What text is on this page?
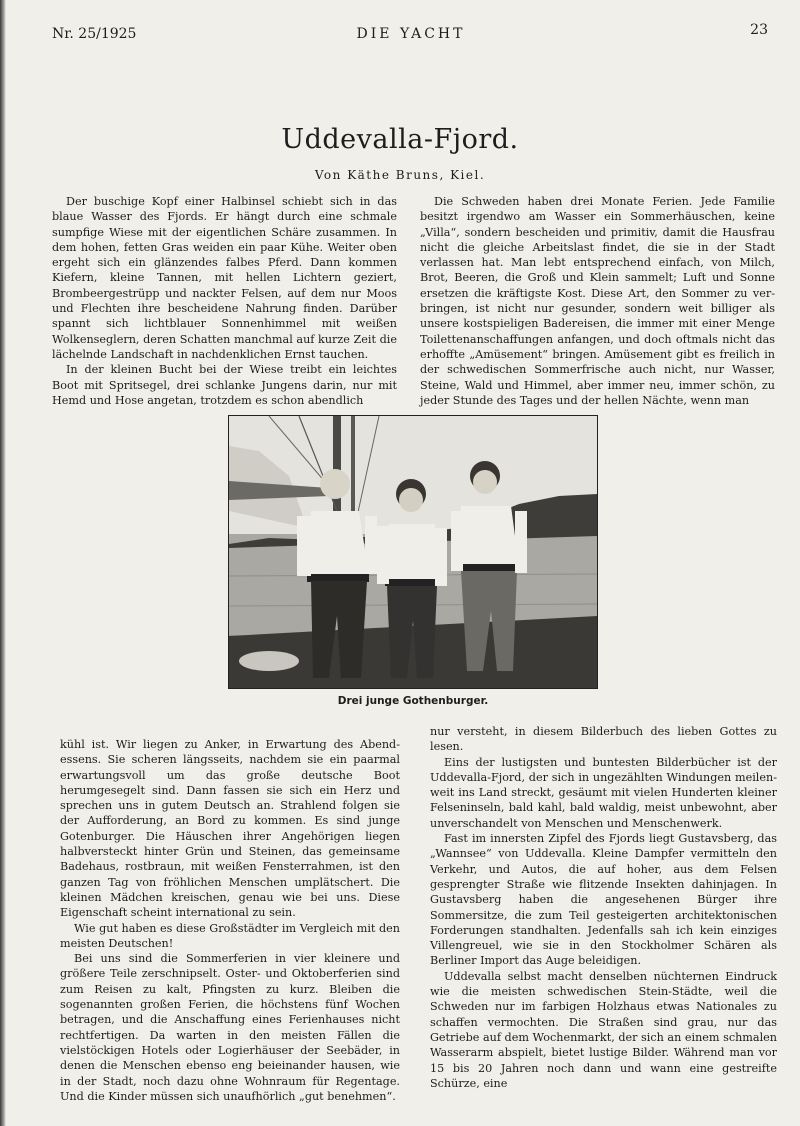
Nr. 25/1925	DIE YACHT	23
Uddevalla-Fjord.
Von Käthe Bruns, Kiel.

Der buschige Kopf einer Halbinsel schiebt sich in das blaue Wasser des Fjords. Er hängt durch eine schmale sumpfige Wiese mit der eigentlichen Schäre zusammen. In dem hohen, fetten Gras weiden ein paar Kühe. Weiter oben ergeht sich ein glänzendes falbes Pferd. Dann kommen Kiefern, kleine Tannen, mit hellen Lichtern geziert, Brombeergestrüpp und nackter Felsen, auf dem nur Moos und Flechten ihre bescheidene Nahrung finden. Darüber spannt sich lichtblauer Sonnenhimmel mit weißen Wolkenseglern, deren Schatten manchmal auf kurze Zeit die lächelnde Landschaft in nachdenklichen Ernst tauchen.

In der kleinen Bucht bei der Wiese treibt ein leichtes Boot mit Spritsegel, drei schlanke Jungens darin, nur mit Hemd und Hose angetan, trotzdem es schon abendlich

Die Schweden haben drei Monate Ferien. Jede Familie besitzt irgendwo am Wasser ein Sommerhäuschen, keine „Villa“, sondern bescheiden und primitiv, damit die Hausfrau nicht die gleiche Arbeitslast findet, die sie in der Stadt verlassen hat. Man lebt entsprechend einfach, von Milch, Brot, Beeren, die Groß und Klein sammelt; Luft und Sonne ersetzen die kräftigste Kost. Diese Art, den Sommer zu verbringen, ist nicht nur gesunder, sondern weit billiger als unsere kostspieligen Badereisen, die immer mit einer Menge Toilettenanschaffungen anfangen, und doch oftmals nicht das erhoffte „Amüsement“ bringen. Amüsement gibt es freilich in der schwedischen Sommerfrische auch nicht, nur Wasser, Steine, Wald und Himmel, aber immer neu, immer schön, zu jeder Stunde des Tages und der hellen Nächte, wenn man

Drei junge Gothenburger.

kühl ist. Wir liegen zu Anker, in Erwartung des Abendessens. Sie scheren längsseits, nachdem sie ein paarmal erwartungsvoll um das große deutsche Boot herumgesegelt sind. Dann fassen sie sich ein Herz und sprechen uns in gutem Deutsch an. Strahlend folgen sie der Aufforderung, an Bord zu kommen. Es sind junge Gotenburger. Die Häuschen ihrer Angehörigen liegen halbversteckt hinter Grün und Steinen, das gemeinsame Badehaus, rostbraun, mit weißen Fensterrahmen, ist den ganzen Tag von fröhlichen Menschen umplätschert. Die kleinen Mädchen kreischen, genau wie bei uns. Diese Eigenschaft scheint international zu sein.

Wie gut haben es diese Großstädter im Vergleich mit den meisten Deutschen!

Bei uns sind die Sommerferien in vier kleinere und größere Teile zerschnipselt. Oster- und Oktoberferien sind zum Reisen zu kalt, Pfingsten zu kurz. Bleiben die sogenannten großen Ferien, die höchstens fünf Wochen betragen, und die Anschaffung eines Ferienhauses nicht rechtfertigen. Da warten in den meisten Fällen die vielstöckigen Hotels oder Logierhäuser der Seebäder, in denen die Menschen ebenso eng beieinander hausen, wie in der Stadt, noch dazu ohne Wohnraum für Regentage. Und die Kinder müssen sich unaufhörlich „gut benehmen“.

nur versteht, in diesem Bilderbuch des lieben Gottes zu lesen.

Eins der lustigsten und buntesten Bilderbücher ist der Uddevalla-Fjord, der sich in ungezählten Windungen meilenweit ins Land streckt, gesäumt mit vielen Hunderten kleiner Felseninseln, bald kahl, bald waldig, meist unbewohnt, aber unverschandelt von Menschen und Menschenwerk.

Fast im innersten Zipfel des Fjords liegt Gustavsberg, das „Wannsee“ von Uddevalla. Kleine Dampfer vermitteln den Verkehr, und Autos, die auf hoher, aus dem Felsen gesprengter Straße wie flitzende Insekten dahinjagen. In Gustavsberg haben die angesehenen Bürger ihre Sommersitze, die zum Teil gesteigerten architektonischen Forderungen standhalten. Jedenfalls sah ich kein einziges Villengreuel, wie sie in den Stockholmer Schären als Berliner Import das Auge beleidigen.

Uddevalla selbst macht denselben nüchternen Eindruck wie die meisten schwedischen Stein-Städte, weil die Schweden nur im farbigen Holzhaus etwas Nationales zu schaffen vermochten. Die Straßen sind grau, nur das Getriebe auf dem Wochenmarkt, der sich an einem schmalen Wasserarm abspielt, bietet lustige Bilder. Während man vor 15 bis 20 Jahren noch dann und wann eine gestreifte Schürze, eine
